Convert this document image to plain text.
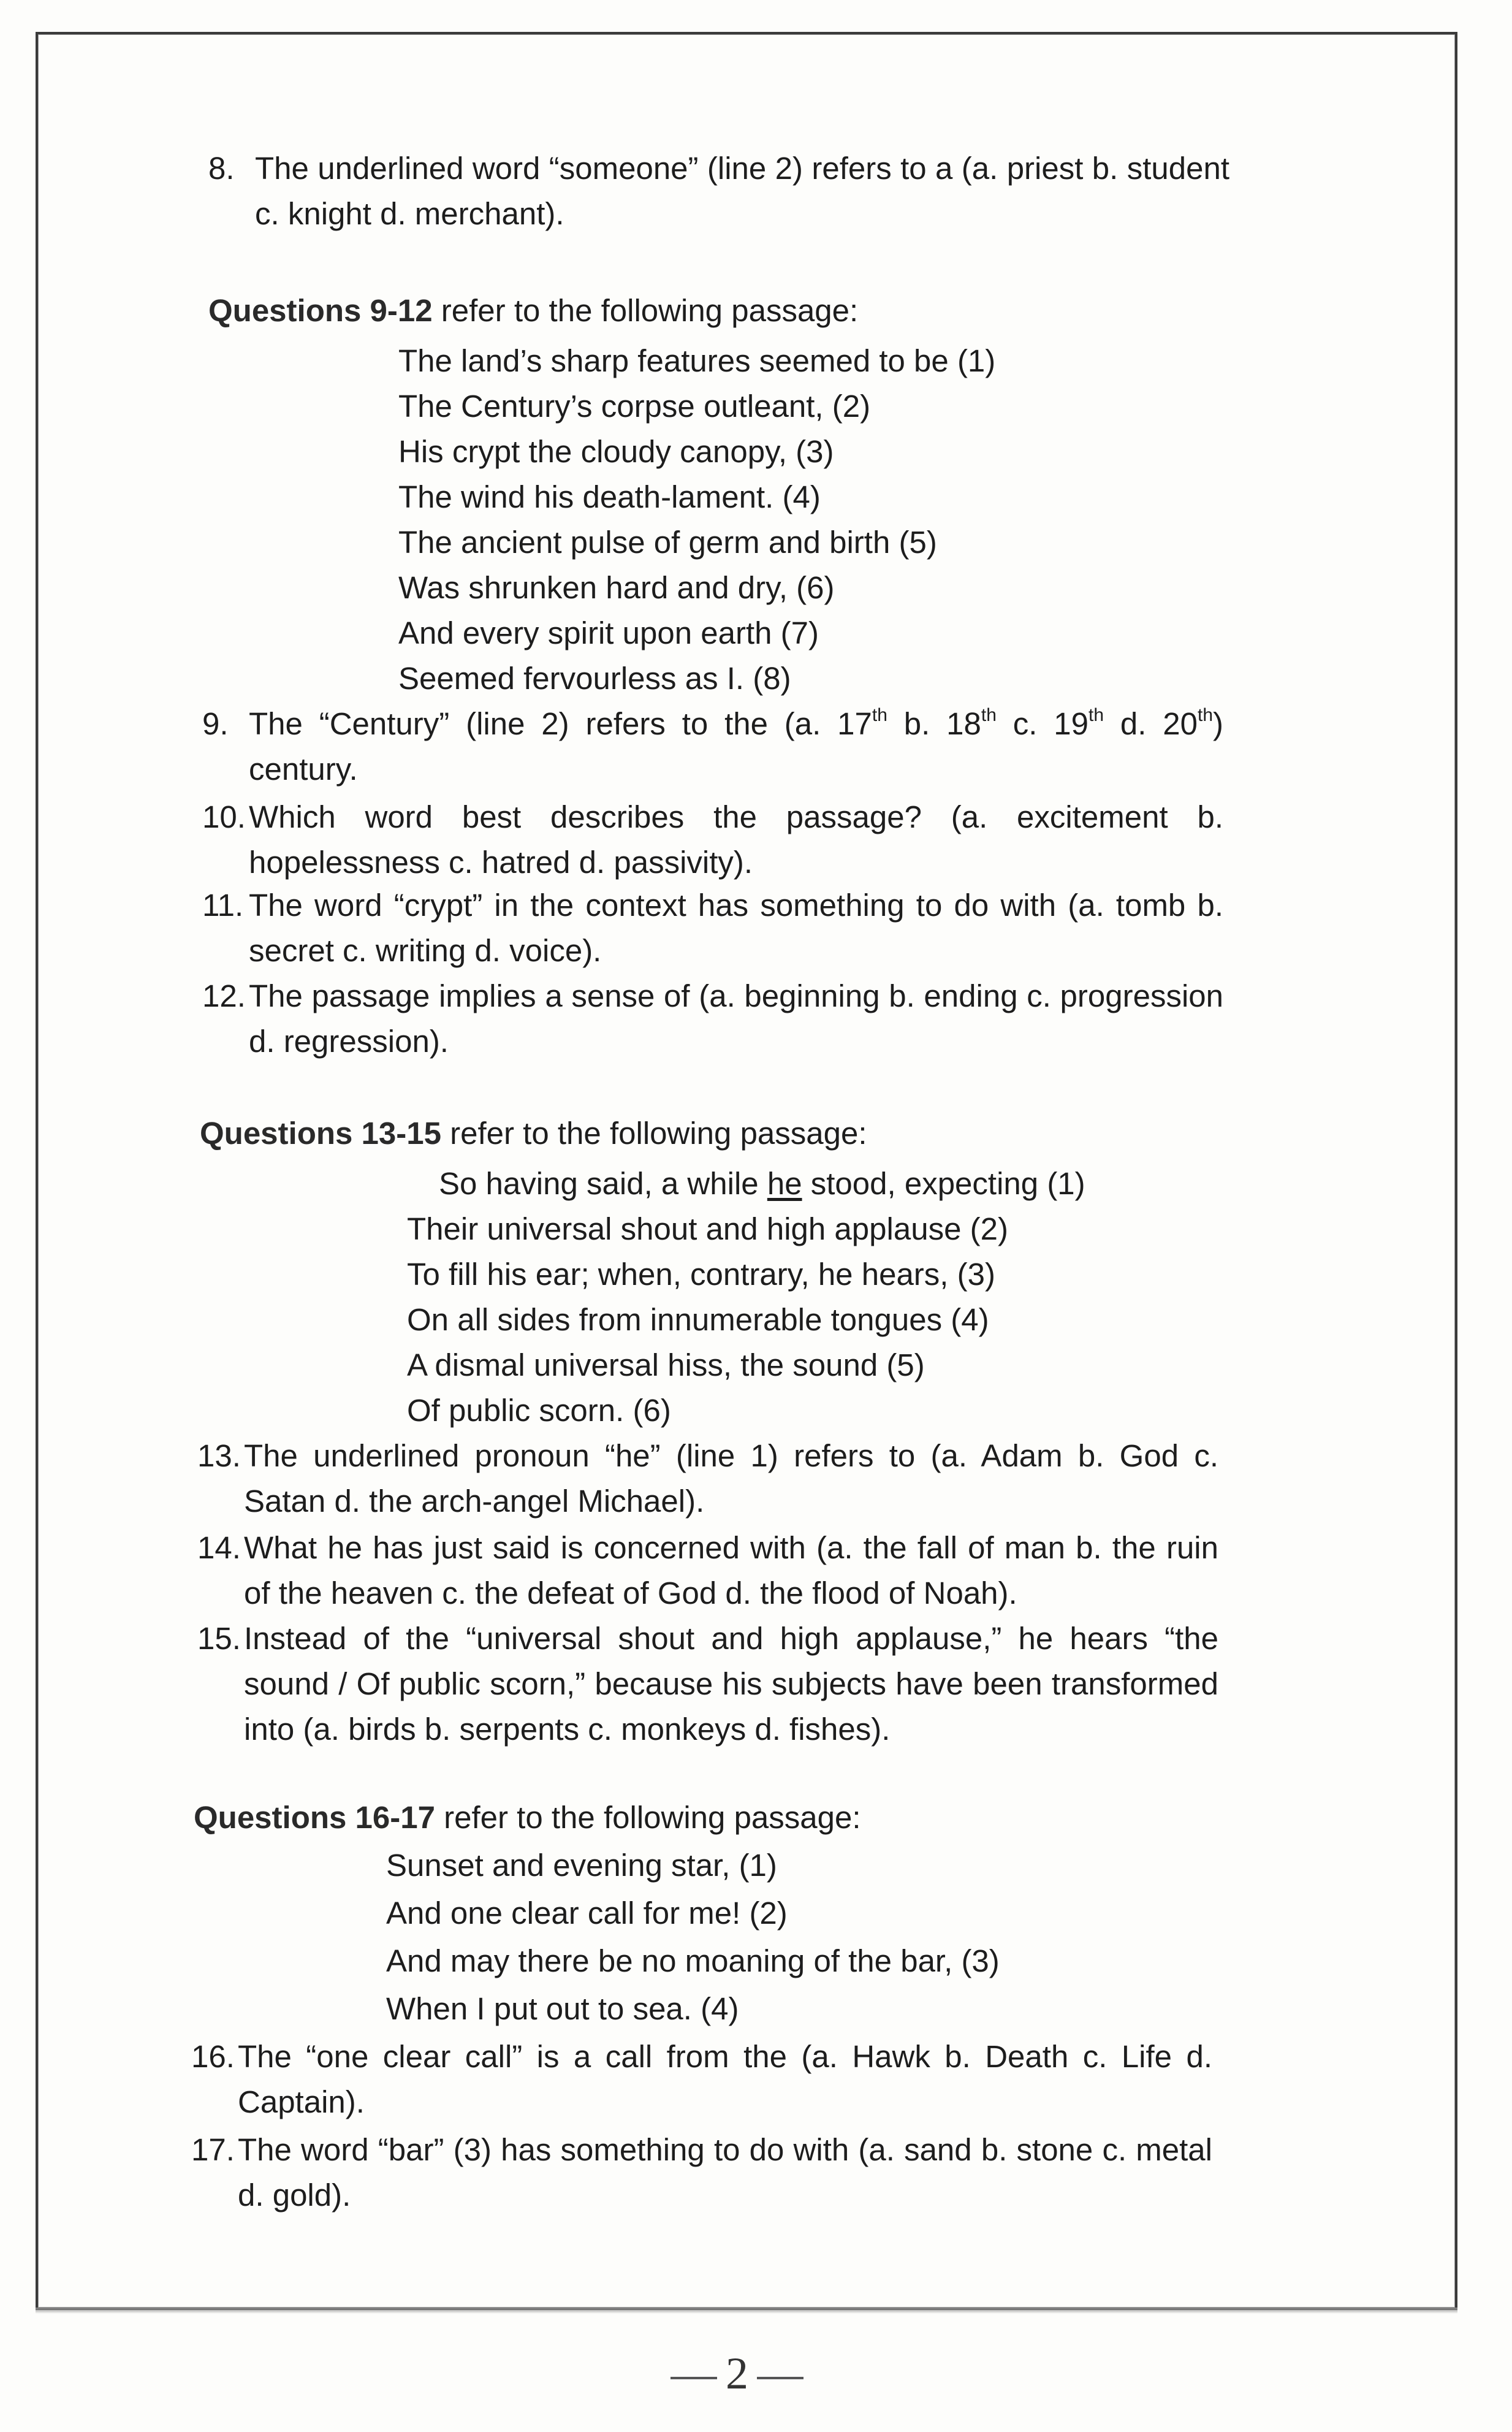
8. The underlined word “someone” (line 2) refers to a (a. priest b. student c. knight d. merchant).
Questions 9-12 refer to the following passage:
The land’s sharp features seemed to be (1)
The Century’s corpse outleant, (2)
His crypt the cloudy canopy, (3)
The wind his death-lament. (4)
The ancient pulse of germ and birth (5)
Was shrunken hard and dry, (6)
And every spirit upon earth (7)
Seemed fervourless as I. (8)
9. The “Century” (line 2) refers to the (a. 17th b. 18th c. 19th d. 20th) century.
10. Which word best describes the passage? (a. excitement b. hopelessness c. hatred d. passivity).
11. The word “crypt” in the context has something to do with (a. tomb b. secret c. writing d. voice).
12. The passage implies a sense of (a. beginning b. ending c. progression d. regression).
Questions 13-15 refer to the following passage:
So having said, a while he stood, expecting (1)
Their universal shout and high applause (2)
To fill his ear; when, contrary, he hears, (3)
On all sides from innumerable tongues (4)
A dismal universal hiss, the sound (5)
Of public scorn. (6)
13. The underlined pronoun “he” (line 1) refers to (a. Adam b. God c. Satan d. the arch-angel Michael).
14. What he has just said is concerned with (a. the fall of man b. the ruin of the heaven c. the defeat of God d. the flood of Noah).
15. Instead of the “universal shout and high applause,” he hears “the sound / Of public scorn,” because his subjects have been transformed into (a. birds b. serpents c. monkeys d. fishes).
Questions 16-17 refer to the following passage:
Sunset and evening star, (1)
And one clear call for me! (2)
And may there be no moaning of the bar, (3)
When I put out to sea. (4)
16. The “one clear call” is a call from the (a. Hawk b. Death c. Life d. Captain).
17. The word “bar” (3) has something to do with (a. sand b. stone c. metal d. gold).
2
